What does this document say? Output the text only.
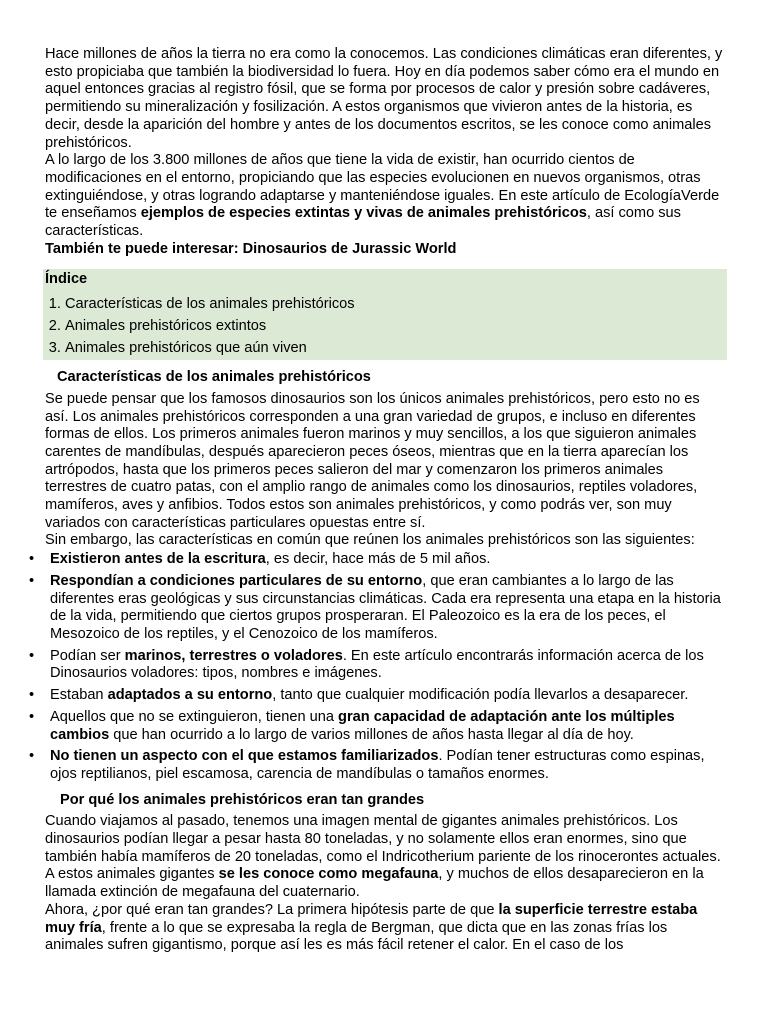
Hace millones de años la tierra no era como la conocemos. Las condiciones climáticas eran diferentes, y esto propiciaba que también la biodiversidad lo fuera. Hoy en día podemos saber cómo era el mundo en aquel entonces gracias al registro fósil, que se forma por procesos de calor y presión sobre cadáveres, permitiendo su mineralización y fosilización. A estos organismos que vivieron antes de la historia, es decir, desde la aparición del hombre y antes de los documentos escritos, se les conoce como animales prehistóricos.

A lo largo de los 3.800 millones de años que tiene la vida de existir, han ocurrido cientos de modificaciones en el entorno, propiciando que las especies evolucionen en nuevos organismos, otras extinguiéndose, y otras logrando adaptarse y manteniéndose iguales. En este artículo de EcologíaVerde te enseñamos ejemplos de especies extintas y vivas de animales prehistóricos, así como sus características.

También te puede interesar: Dinosaurios de Jurassic World

Índice
1. Características de los animales prehistóricos
2. Animales prehistóricos extintos
3. Animales prehistóricos que aún viven
Características de los animales prehistóricos

Se puede pensar que los famosos dinosaurios son los únicos animales prehistóricos, pero esto no es así. Los animales prehistóricos corresponden a una gran variedad de grupos, e incluso en diferentes formas de ellos. Los primeros animales fueron marinos y muy sencillos, a los que siguieron animales carentes de mandíbulas, después aparecieron peces óseos, mientras que en la tierra aparecían los artrópodos, hasta que los primeros peces salieron del mar y comenzaron los primeros animales terrestres de cuatro patas, con el amplio rango de animales como los dinosaurios, reptiles voladores, mamíferos, aves y anfibios. Todos estos son animales prehistóricos, y como podrás ver, son muy variados con características particulares opuestas entre sí.

Sin embargo, las características en común que reúnen los animales prehistóricos son las siguientes:

• Existieron antes de la escritura, es decir, hace más de 5 mil años.
• Respondían a condiciones particulares de su entorno, que eran cambiantes a lo largo de las diferentes eras geológicas y sus circunstancias climáticas. Cada era representa una etapa en la historia de la vida, permitiendo que ciertos grupos prosperaran. El Paleozoico es la era de los peces, el Mesozoico de los reptiles, y el Cenozoico de los mamíferos.
• Podían ser marinos, terrestres o voladores. En este artículo encontrarás información acerca de los Dinosaurios voladores: tipos, nombres e imágenes.
• Estaban adaptados a su entorno, tanto que cualquier modificación podía llevarlos a desaparecer.
• Aquellos que no se extinguieron, tienen una gran capacidad de adaptación ante los múltiples cambios que han ocurrido a lo largo de varios millones de años hasta llegar al día de hoy.
• No tienen un aspecto con el que estamos familiarizados. Podían tener estructuras como espinas, ojos reptilianos, piel escamosa, carencia de mandíbulas o tamaños enormes.
Por qué los animales prehistóricos eran tan grandes

Cuando viajamos al pasado, tenemos una imagen mental de gigantes animales prehistóricos. Los dinosaurios podían llegar a pesar hasta 80 toneladas, y no solamente ellos eran enormes, sino que también había mamíferos de 20 toneladas, como el Indricotherium pariente de los rinocerontes actuales. A estos animales gigantes se les conoce como megafauna, y muchos de ellos desaparecieron en la llamada extinción de megafauna del cuaternario.

Ahora, ¿por qué eran tan grandes? La primera hipótesis parte de que la superficie terrestre estaba muy fría, frente a lo que se expresaba la regla de Bergman, que dicta que en las zonas frías los animales sufren gigantismo, porque así les es más fácil retener el calor. En el caso de los
